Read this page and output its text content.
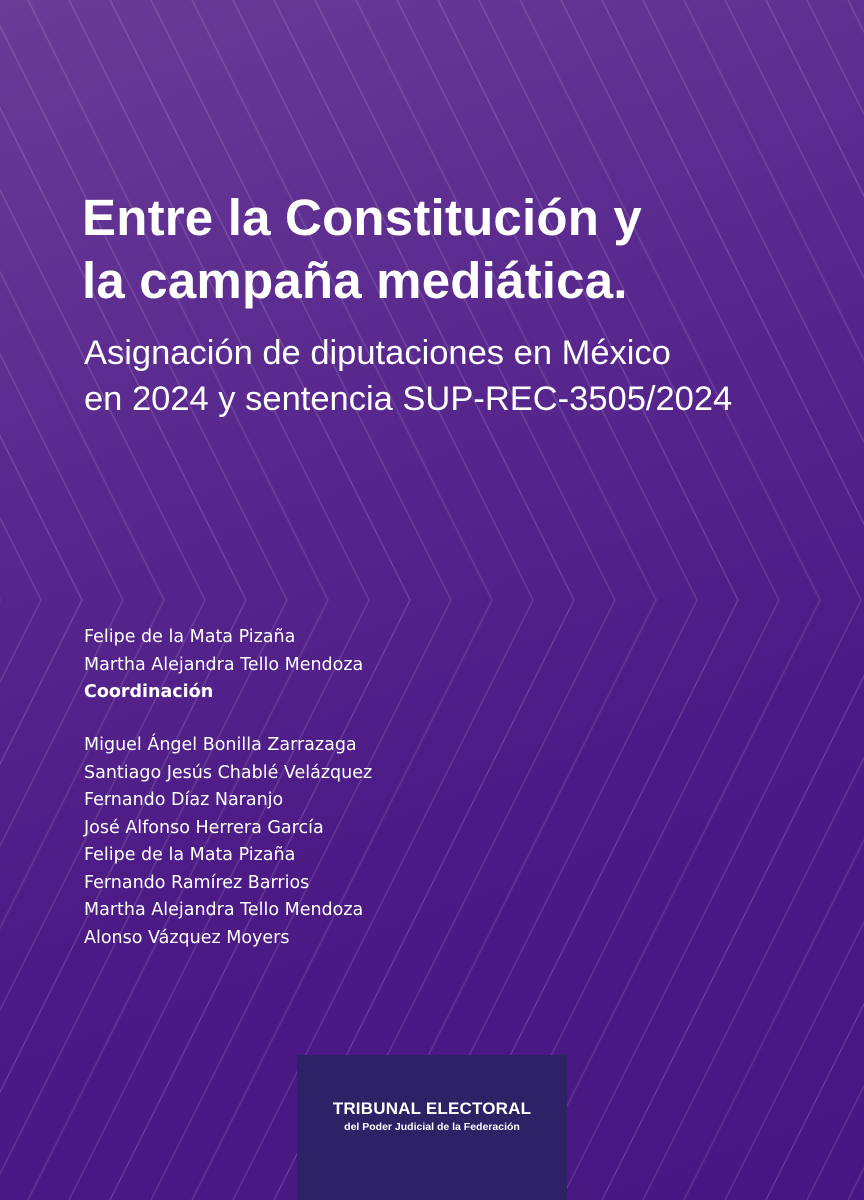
Entre la Constitución y
la campaña mediática.
Asignación de diputaciones en México
en 2024 y sentencia SUP-REC-3505/2024
Felipe de la Mata Pizaña
Martha Alejandra Tello Mendoza
Coordinación
Miguel Ángel Bonilla Zarrazaga
Santiago Jesús Chablé Velázquez
Fernando Díaz Naranjo
José Alfonso Herrera García
Felipe de la Mata Pizaña
Fernando Ramírez Barrios
Martha Alejandra Tello Mendoza
Alonso Vázquez Moyers
TRIBUNAL ELECTORAL
del Poder Judicial de la Federación
